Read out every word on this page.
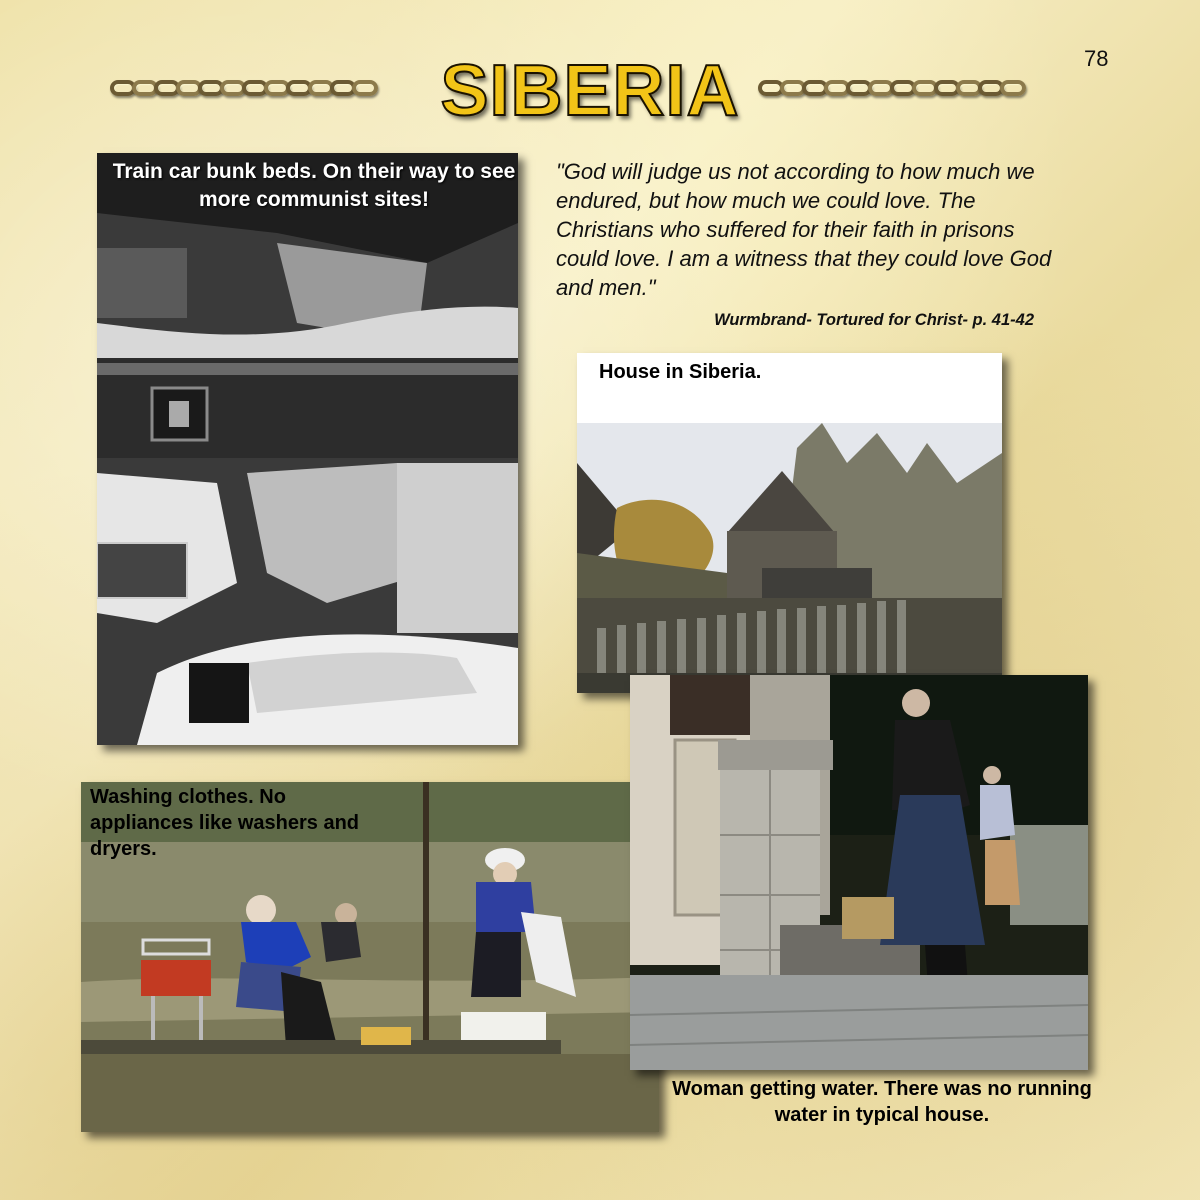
SIBERIA	78
Train car bunk beds. On their way to see more communist sites!
"God will judge us not according to how much we endured, but how much we could love. The Christians who suffered for their faith in prisons could love. I am a witness that they could love God and men."
Wurmbrand- Tortured for Christ- p. 41-42
House in Siberia.
Washing clothes. No appliances like washers and dryers.
Woman getting water. There was no running water in typical house.
